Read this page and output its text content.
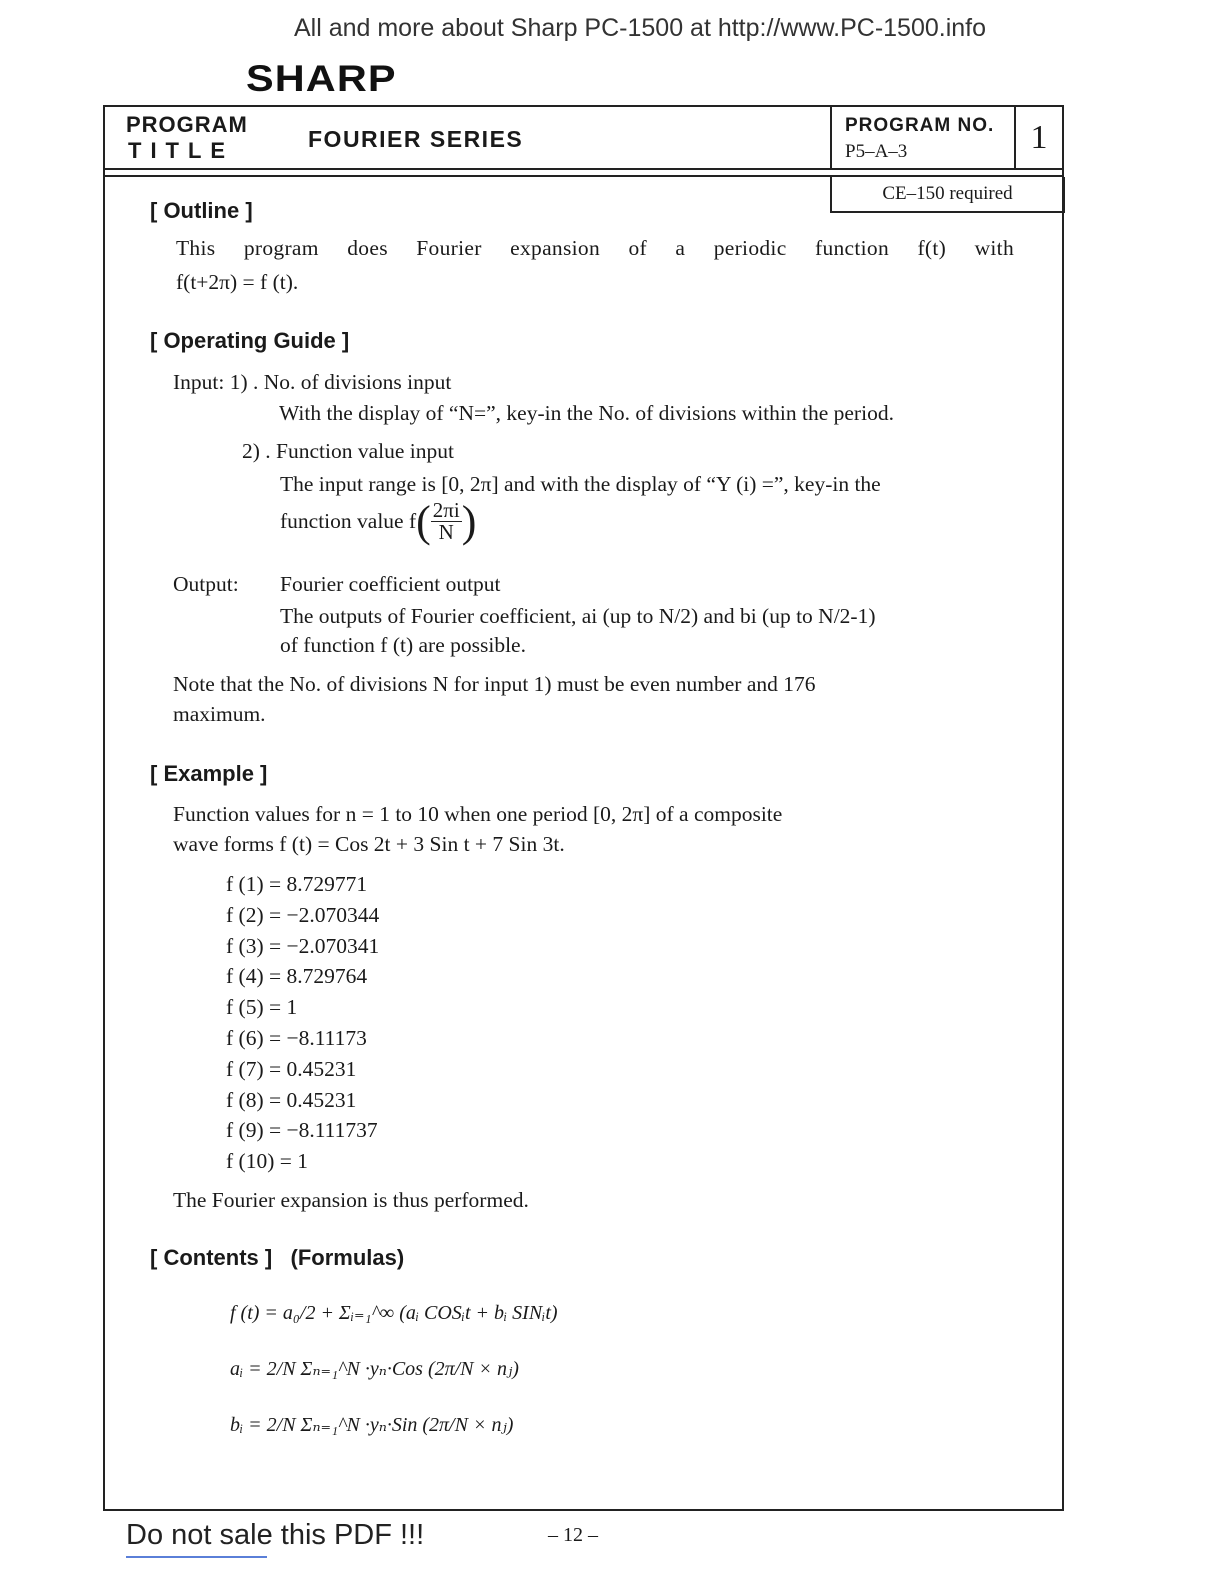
All and more about Sharp PC-1500 at http://www.PC-1500.info
SHARP
PROGRAM
TITLE	FOURIER SERIES
PROGRAM NO.
P5–A–3	1
CE–150 required
[ Outline ]
This program does Fourier expansion of a periodic function f(t) with
f(t+2π) = f (t).
[ Operating Guide ]
Input: 1) . No. of divisions input
With the display of “N=”, key-in the No. of divisions within the period.
2) . Function value input
The input range is [0, 2π] and with the display of “Y (i) =”, key-in the
function value f ( $\frac{2\pi i}{N}$ )
Output: Fourier coefficient output
The outputs of Fourier coefficient, ai (up to N/2) and bi (up to N/2-1)
of function f (t) are possible.
Note that the No. of divisions N for input 1) must be even number and 176
maximum.
[ Example ]
Function values for n = 1 to 10 when one period [0, 2π] of a composite
wave forms f (t) = Cos 2t + 3 Sin t + 7 Sin 3t.
f (1) = 8.729771
f (2) = −2.070344
f (3) = −2.070341
f (4) = 8.729764
f (5) = 1
f (6) = −8.11173
f (7) = 0.45231
f (8) = 0.45231
f (9) = −8.111737
f (10) = 1
The Fourier expansion is thus performed.
[ Contents ]   (Formulas)
f (t) = a₀/2 + Σᵢ₌₁^∞ (aᵢ COSᵢt + bᵢ SINᵢt)
aᵢ = 2/N Σₙ₌₁^N ·yₙ·Cos (2π/N × nⱼ)
bᵢ = 2/N Σₙ₌₁^N ·yₙ·Sin (2π/N × nⱼ)
Do not sale this PDF !!!	– 12 –
